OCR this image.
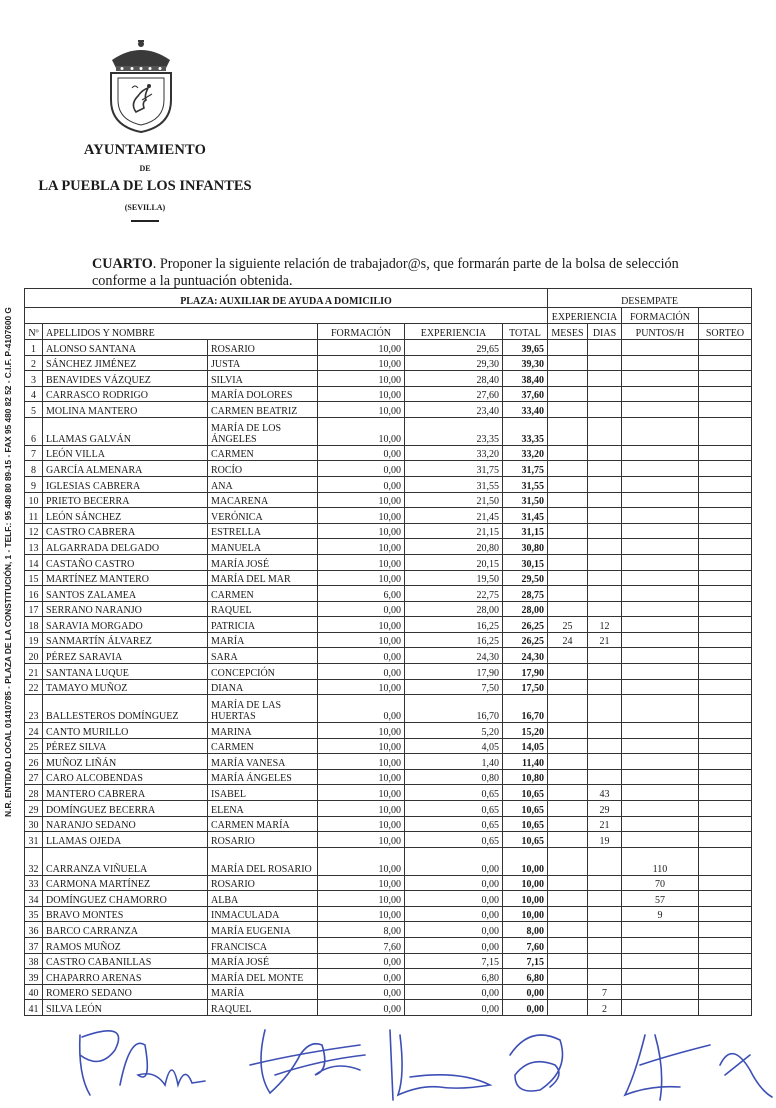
N.R. ENTIDAD LOCAL 01410785 - PLAZA DE LA CONSTITUCIÓN, 1 - TELF.: 95 480 80 89-15 - FAX 95 480 82 52 - C.I.F. P-4107600 G
AYUNTAMIENTO
DE
LA PUEBLA DE LOS INFANTES
(SEVILLA)
CUARTO. Proponer la siguiente relación de trabajador@s, que formarán parte de la bolsa de selección conforme a la puntuación obtenida.
PLAZA: AUXILIAR DE AYUDA A DOMICILIO						DESEMPATE			
						EXPERIENCIA		FORMACIÓN	
Nº	APELLIDOS Y NOMBRE		FORMACIÓN	EXPERIENCIA	TOTAL	MESES	DIAS	PUNTOS/H	SORTEO
1	ALONSO SANTANA	ROSARIO	10,00	29,65	39,65				
2	SÁNCHEZ JIMÉNEZ	JUSTA	10,00	29,30	39,30				
3	BENAVIDES VÁZQUEZ	SILVIA	10,00	28,40	38,40				
4	CARRASCO RODRIGO	MARÍA DOLORES	10,00	27,60	37,60				
5	MOLINA MANTERO	CARMEN BEATRIZ	10,00	23,40	33,40				
6	LLAMAS GALVÁN	MARÍA DE LOS ÁNGELES	10,00	23,35	33,35				
7	LEÓN VILLA	CARMEN	0,00	33,20	33,20				
8	GARCÍA ALMENARA	ROCÍO	0,00	31,75	31,75				
9	IGLESIAS CABRERA	ANA	0,00	31,55	31,55				
10	PRIETO BECERRA	MACARENA	10,00	21,50	31,50				
11	LEÓN SÁNCHEZ	VERÓNICA	10,00	21,45	31,45				
12	CASTRO CABRERA	ESTRELLA	10,00	21,15	31,15				
13	ALGARRADA DELGADO	MANUELA	10,00	20,80	30,80				
14	CASTAÑO CASTRO	MARÍA JOSÉ	10,00	20,15	30,15				
15	MARTÍNEZ MANTERO	MARÍA DEL MAR	10,00	19,50	29,50				
16	SANTOS ZALAMEA	CARMEN	6,00	22,75	28,75				
17	SERRANO NARANJO	RAQUEL	0,00	28,00	28,00				
18	SARAVIA MORGADO	PATRICIA	10,00	16,25	26,25	25	12		
19	SANMARTÍN ÁLVAREZ	MARÍA	10,00	16,25	26,25	24	21		
20	PÉREZ SARAVIA	SARA	0,00	24,30	24,30				
21	SANTANA LUQUE	CONCEPCIÓN	0,00	17,90	17,90				
22	TAMAYO MUÑOZ	DIANA	10,00	7,50	17,50				
23	BALLESTEROS DOMÍNGUEZ	MARÍA DE LAS HUERTAS	0,00	16,70	16,70				
24	CANTO MURILLO	MARINA	10,00	5,20	15,20				
25	PÉREZ SILVA	CARMEN	10,00	4,05	14,05				
26	MUÑOZ LIÑÁN	MARÍA VANESA	10,00	1,40	11,40				
27	CARO ALCOBENDAS	MARÍA ÁNGELES	10,00	0,80	10,80				
28	MANTERO CABRERA	ISABEL	10,00	0,65	10,65		43		
29	DOMÍNGUEZ BECERRA	ELENA	10,00	0,65	10,65		29		
30	NARANJO SEDANO	CARMEN MARÍA	10,00	0,65	10,65		21		
31	LLAMAS OJEDA	ROSARIO	10,00	0,65	10,65		19		
32	CARRANZA VIÑUELA	MARÍA DEL ROSARIO	10,00	0,00	10,00			110	
33	CARMONA MARTÍNEZ	ROSARIO	10,00	0,00	10,00			70	
34	DOMÍNGUEZ CHAMORRO	ALBA	10,00	0,00	10,00			57	
35	BRAVO MONTES	INMACULADA	10,00	0,00	10,00			9	
36	BARCO CARRANZA	MARÍA EUGENIA	8,00	0,00	8,00				
37	RAMOS MUÑOZ	FRANCISCA	7,60	0,00	7,60				
38	CASTRO CABANILLAS	MARÍA JOSÉ	0,00	7,15	7,15				
39	CHAPARRO ARENAS	MARÍA DEL MONTE	0,00	6,80	6,80				
40	ROMERO SEDANO	MARÍA	0,00	0,00	0,00		7		
41	SILVA LEÓN	RAQUEL	0,00	0,00	0,00		2		
